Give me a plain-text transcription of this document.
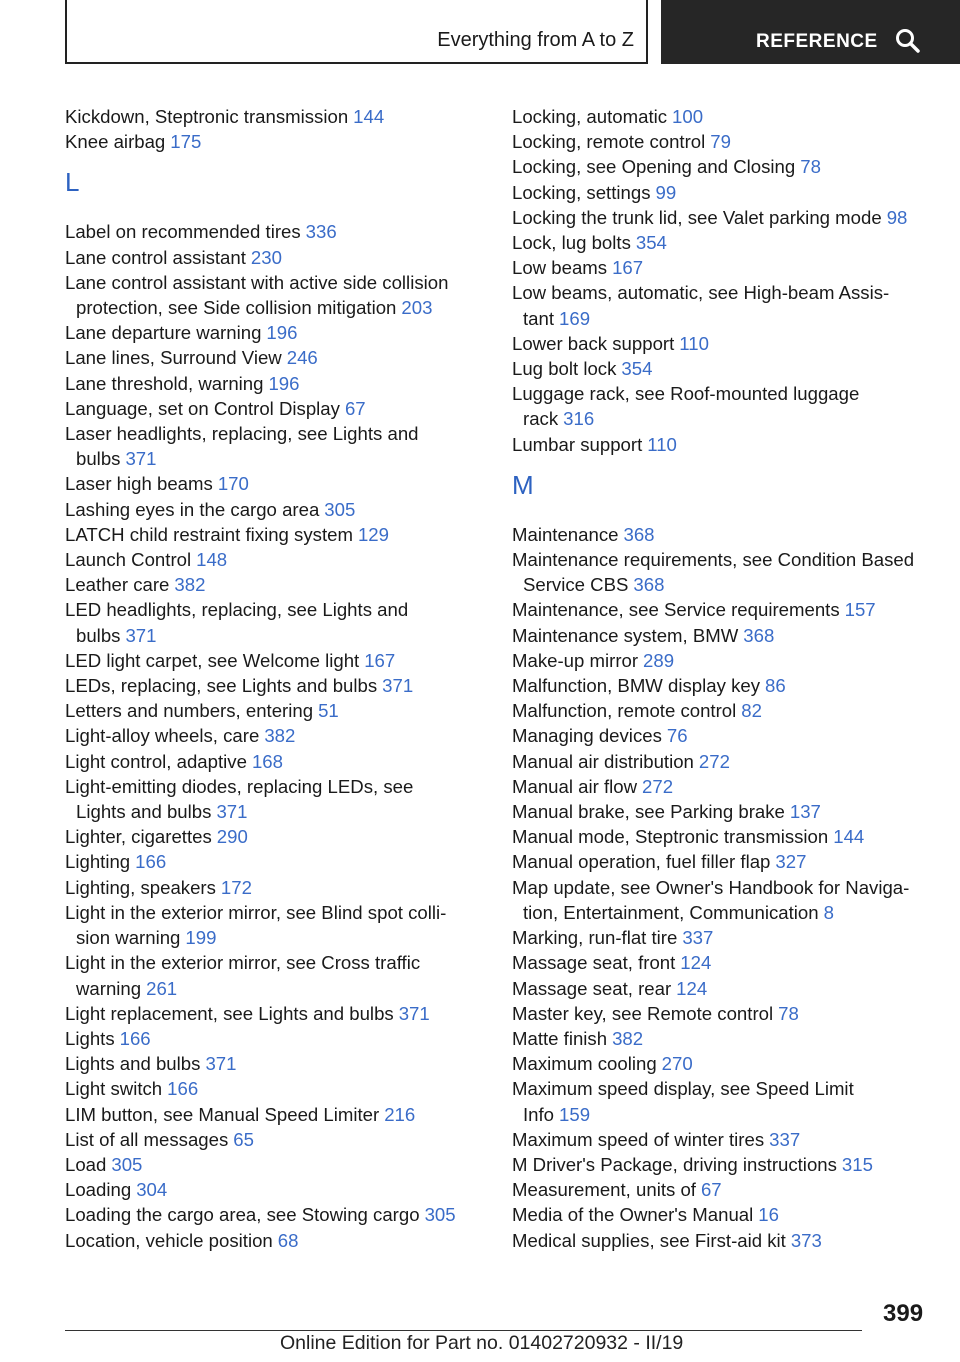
Everything from A to Z	REFERENCE
Kickdown, Steptronic transmission 144
Knee airbag 175
L
Label on recommended tires 336
Lane control assistant 230
Lane control assistant with active side collision
protection, see Side collision mitigation 203
Lane departure warning 196
Lane lines, Surround View 246
Lane threshold, warning 196
Language, set on Control Display 67
Laser headlights, replacing, see Lights and
bulbs 371
Laser high beams 170
Lashing eyes in the cargo area 305
LATCH child restraint fixing system 129
Launch Control 148
Leather care 382
LED headlights, replacing, see Lights and
bulbs 371
LED light carpet, see Welcome light 167
LEDs, replacing, see Lights and bulbs 371
Letters and numbers, entering 51
Light-alloy wheels, care 382
Light control, adaptive 168
Light-emitting diodes, replacing LEDs, see
Lights and bulbs 371
Lighter, cigarettes 290
Lighting 166
Lighting, speakers 172
Light in the exterior mirror, see Blind spot colli-
sion warning 199
Light in the exterior mirror, see Cross traffic
warning 261
Light replacement, see Lights and bulbs 371
Lights 166
Lights and bulbs 371
Light switch 166
LIM button, see Manual Speed Limiter 216
List of all messages 65
Load 305
Loading 304
Loading the cargo area, see Stowing cargo 305
Location, vehicle position 68
Locking, automatic 100
Locking, remote control 79
Locking, see Opening and Closing 78
Locking, settings 99
Locking the trunk lid, see Valet parking mode 98
Lock, lug bolts 354
Low beams 167
Low beams, automatic, see High-beam Assis-
tant 169
Lower back support 110
Lug bolt lock 354
Luggage rack, see Roof-mounted luggage
rack 316
Lumbar support 110
M
Maintenance 368
Maintenance requirements, see Condition Based
Service CBS 368
Maintenance, see Service requirements 157
Maintenance system, BMW 368
Make-up mirror 289
Malfunction, BMW display key 86
Malfunction, remote control 82
Managing devices 76
Manual air distribution 272
Manual air flow 272
Manual brake, see Parking brake 137
Manual mode, Steptronic transmission 144
Manual operation, fuel filler flap 327
Map update, see Owner's Handbook for Naviga-
tion, Entertainment, Communication 8
Marking, run-flat tire 337
Massage seat, front 124
Massage seat, rear 124
Master key, see Remote control 78
Matte finish 382
Maximum cooling 270
Maximum speed display, see Speed Limit
Info 159
Maximum speed of winter tires 337
M Driver's Package, driving instructions 315
Measurement, units of 67
Media of the Owner's Manual 16
Medical supplies, see First-aid kit 373
399
Online Edition for Part no. 01402720932 - II/19
